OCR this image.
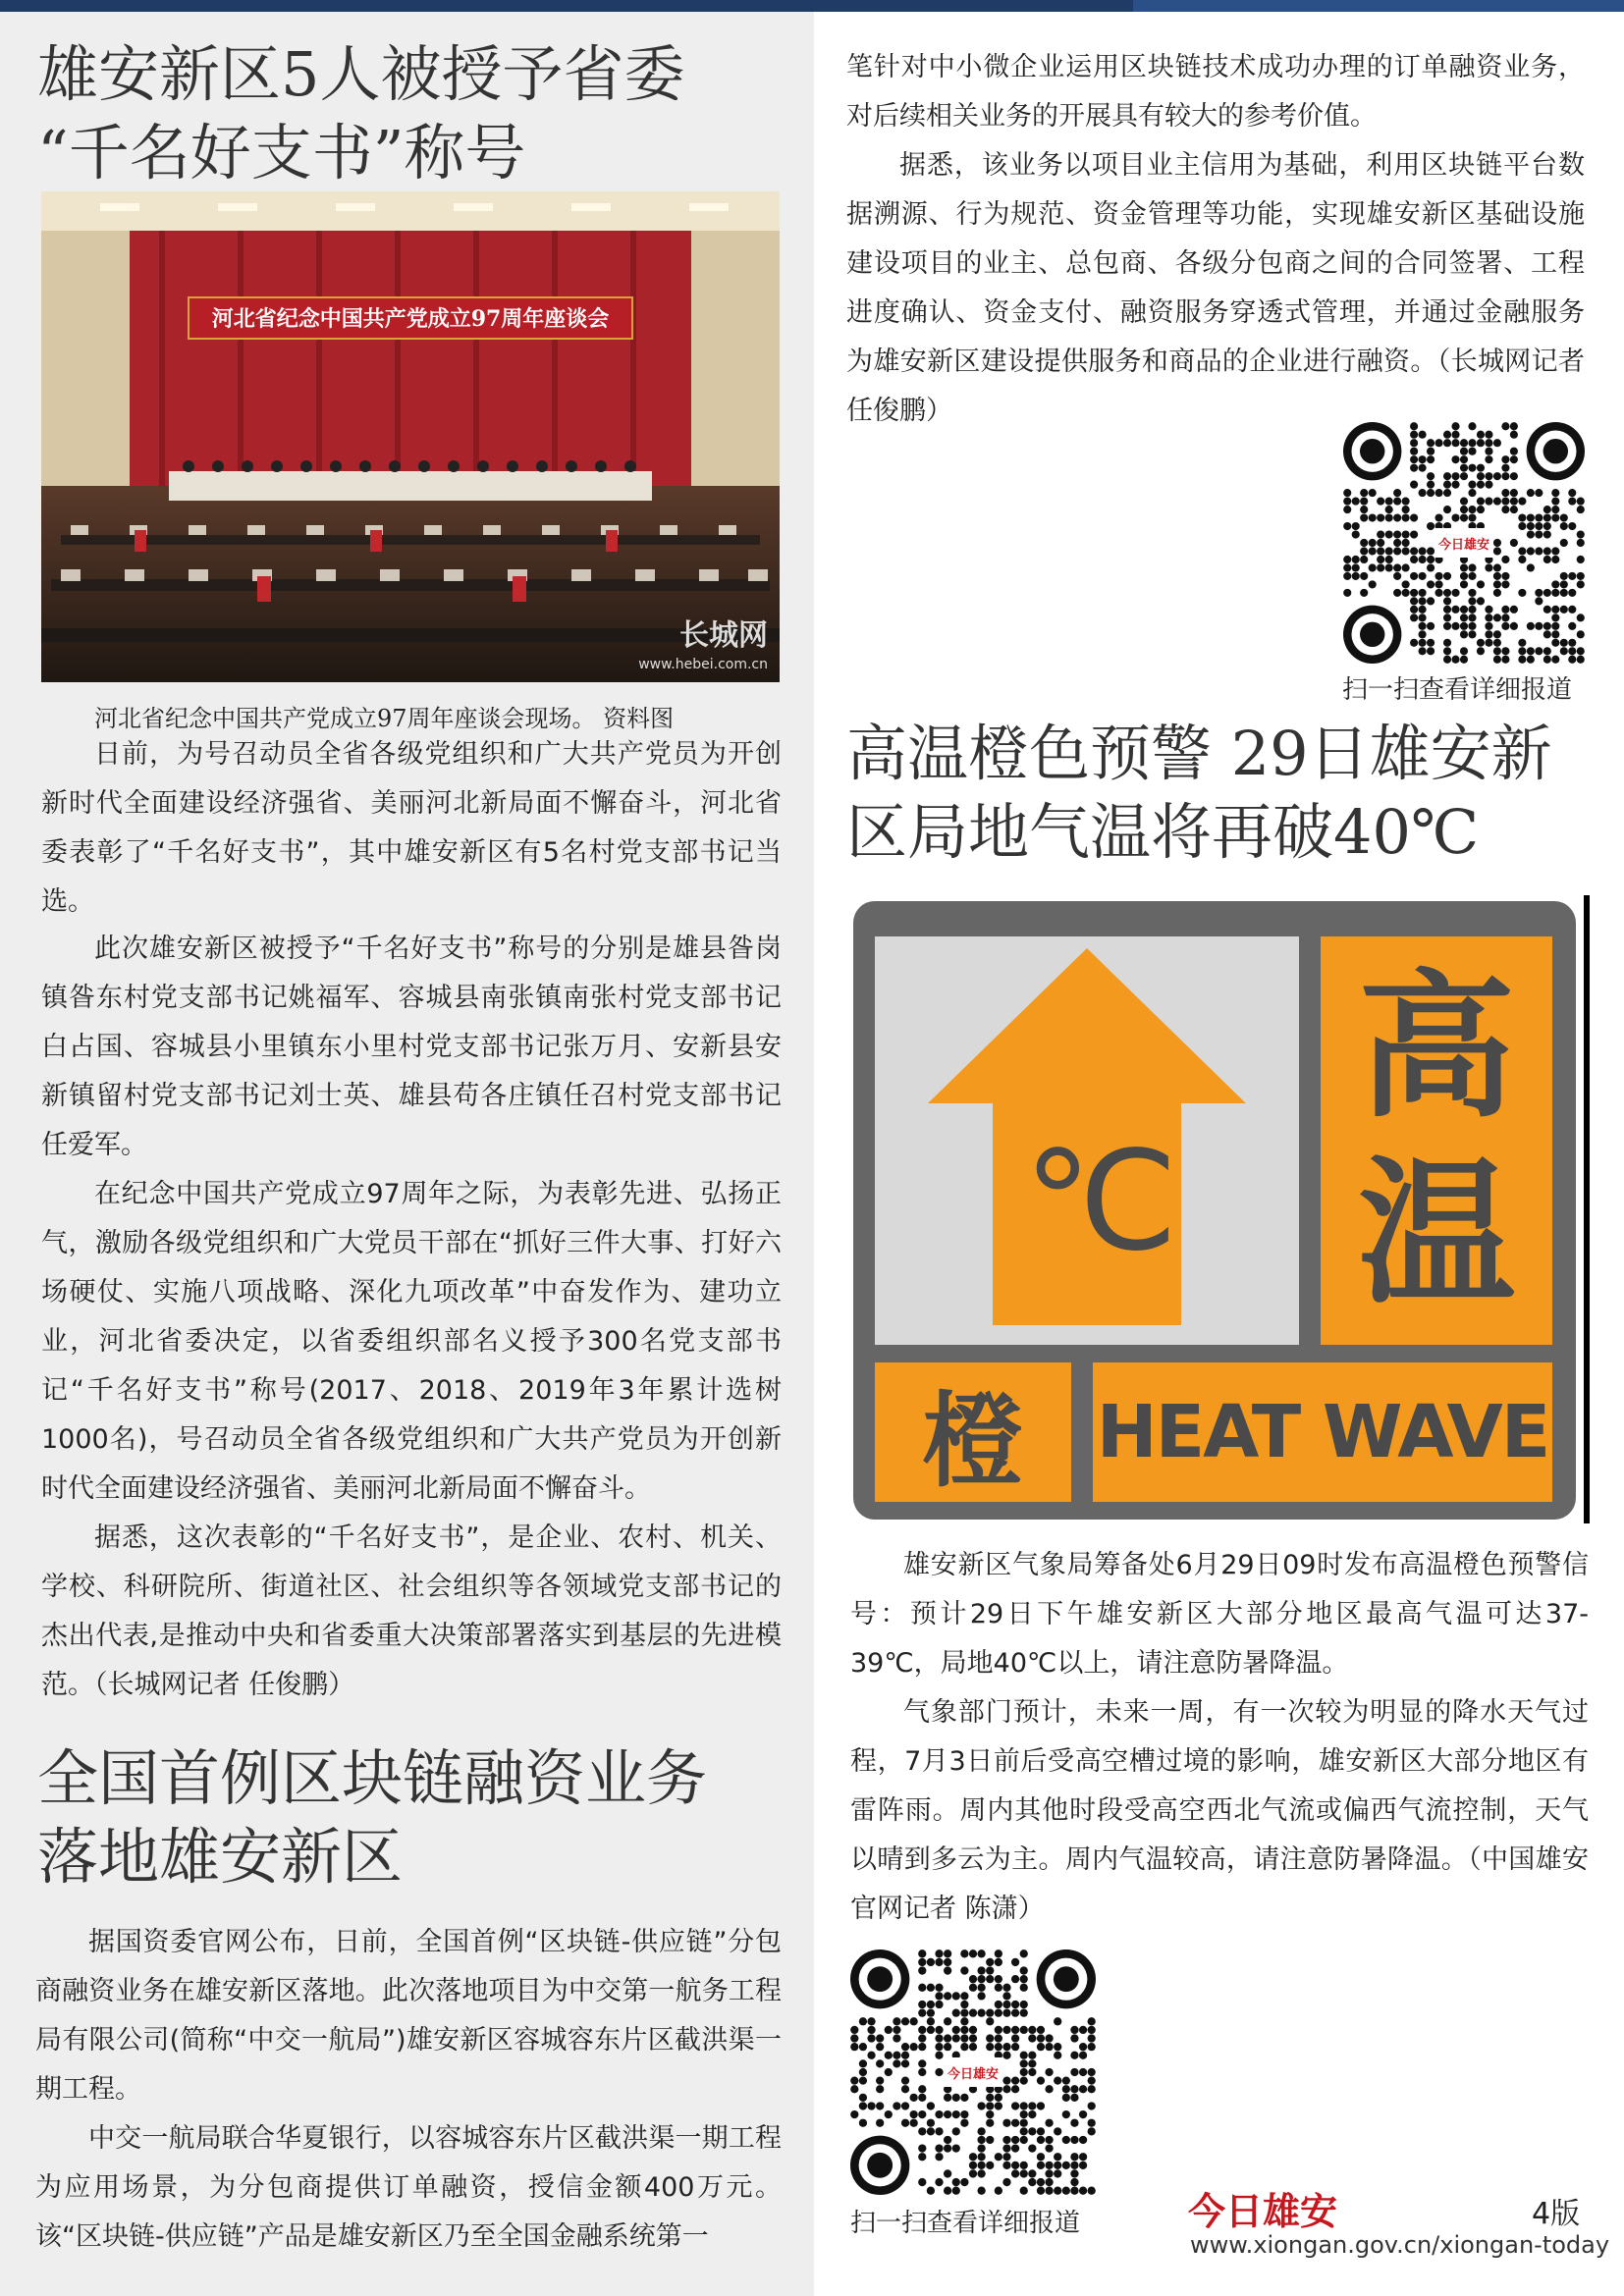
雄安新区5人被授予省委
“千名好支书”称号
河北省纪念中国共产党成立97周年座谈会
长城网
www.hebei.com.cn

河北省纪念中国共产党成立97周年座谈会现场。 资料图

日前，为号召动员全省各级党组织和广大共产党员为开创新时代全面建设经济强省、美丽河北新局面不懈奋斗，河北省委表彰了“千名好支书”，其中雄安新区有5名村党支部书记当选。

此次雄安新区被授予“千名好支书”称号的分别是雄县昝岗镇昝东村党支部书记姚福军、容城县南张镇南张村党支部书记白占国、容城县小里镇东小里村党支部书记张万月、安新县安新镇留村党支部书记刘士英、雄县苟各庄镇任召村党支部书记任爱军。

在纪念中国共产党成立97周年之际，为表彰先进、弘扬正气，激励各级党组织和广大党员干部在“抓好三件大事、打好六场硬仗、实施八项战略、深化九项改革”中奋发作为、建功立业，河北省委决定，以省委组织部名义授予300名党支部书记“千名好支书”称号(2017、2018、2019年3年累计选树1000名)，号召动员全省各级党组织和广大共产党员为开创新时代全面建设经济强省、美丽河北新局面不懈奋斗。

据悉，这次表彰的“千名好支书”，是企业、农村、机关、学校、科研院所、街道社区、社会组织等各领域党支部书记的杰出代表,是推动中央和省委重大决策部署落实到基层的先进模范。（长城网记者 任俊鹏）

全国首例区块链融资业务
落地雄安新区

据国资委官网公布，日前，全国首例“区块链-供应链”分包商融资业务在雄安新区落地。此次落地项目为中交第一航务工程局有限公司(简称“中交一航局”)雄安新区容城容东片区截洪渠一期工程。

中交一航局联合华夏银行，以容城容东片区截洪渠一期工程为应用场景，为分包商提供订单融资，授信金额400万元。该“区块链-供应链”产品是雄安新区乃至全国金融系统第一

笔针对中小微企业运用区块链技术成功办理的订单融资业务，对后续相关业务的开展具有较大的参考价值。

据悉，该业务以项目业主信用为基础，利用区块链平台数据溯源、行为规范、资金管理等功能，实现雄安新区基础设施建设项目的业主、总包商、各级分包商之间的合同签署、工程进度确认、资金支付、融资服务穿透式管理，并通过金融服务为雄安新区建设提供服务和商品的企业进行融资。（长城网记者 任俊鹏）

今日雄安
扫一扫查看详细报道
高温橙色预警 29日雄安新
区局地气温将再破40℃
℃
高
温
橙 HEAT WAVE

雄安新区气象局筹备处6月29日09时发布高温橙色预警信号：预计29日下午雄安新区大部分地区最高气温可达37-39℃，局地40℃以上，请注意防暑降温。

气象部门预计，未来一周，有一次较为明显的降水天气过程，7月3日前后受高空槽过境的影响，雄安新区大部分地区有雷阵雨。周内其他时段受高空西北气流或偏西气流控制，天气以晴到多云为主。周内气温较高，请注意防暑降温。（中国雄安官网记者 陈潇）

今日雄安
扫一扫查看详细报道	今日雄安	4版
www.xiongan.gov.cn/xiongan-today
